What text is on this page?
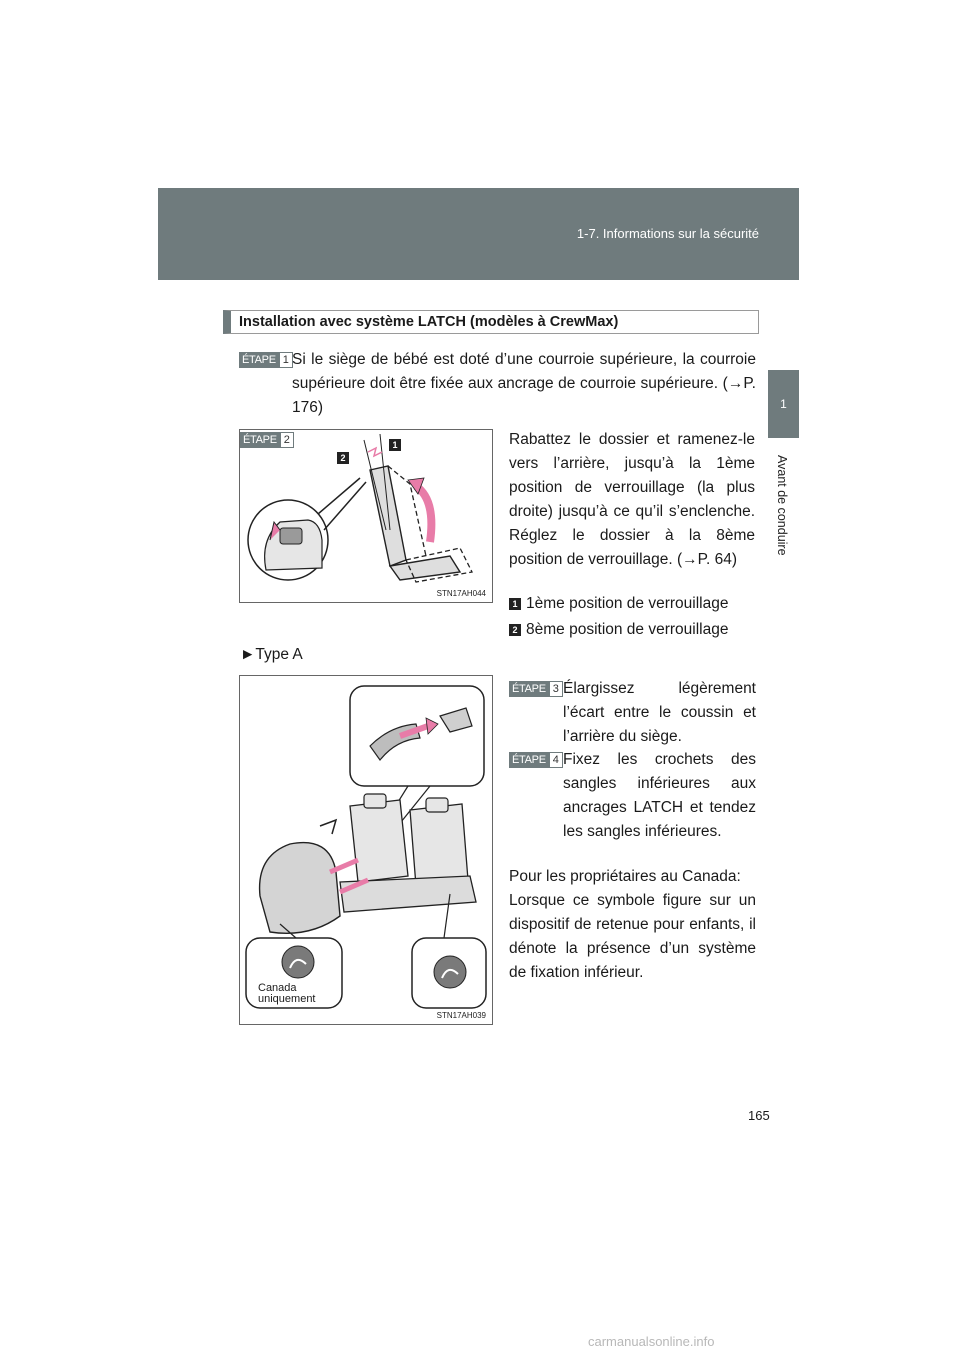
1-7. Informations sur la sécurité
1
Avant de conduire
Installation avec système LATCH (modèles à CrewMax)
ÉTAPE 1 Si le siège de bébé est doté d’une courroie supérieure, la courroie supérieure doit être fixée aux ancrage de courroie supérieure. (→P. 176)
ÉTAPE 2
2
1
STN17AH044
Rabattez le dossier et ramenez-le vers l’arrière, jusqu’à la 1ème position de verrouillage (la plus droite) jusqu’à ce qu’il s’enclenche. Réglez le dossier à la 8ème position de verrouillage. (→P. 64)
1 1ème position de verrouillage
2 8ème position de verrouillage
►Type A
Canada
uniquement
STN17AH039
ÉTAPE 3 Élargissez légèrement l’écart entre le coussin et l’arrière du siège.
ÉTAPE 4 Fixez les crochets des sangles inférieures aux ancrages LATCH et tendez les sangles inférieures.
Pour les propriétaires au Canada:
Lorsque ce symbole figure sur un dispositif de retenue pour enfants, il dénote la présence d’un système de fixation inférieur.
165
carmanualsonline.info
